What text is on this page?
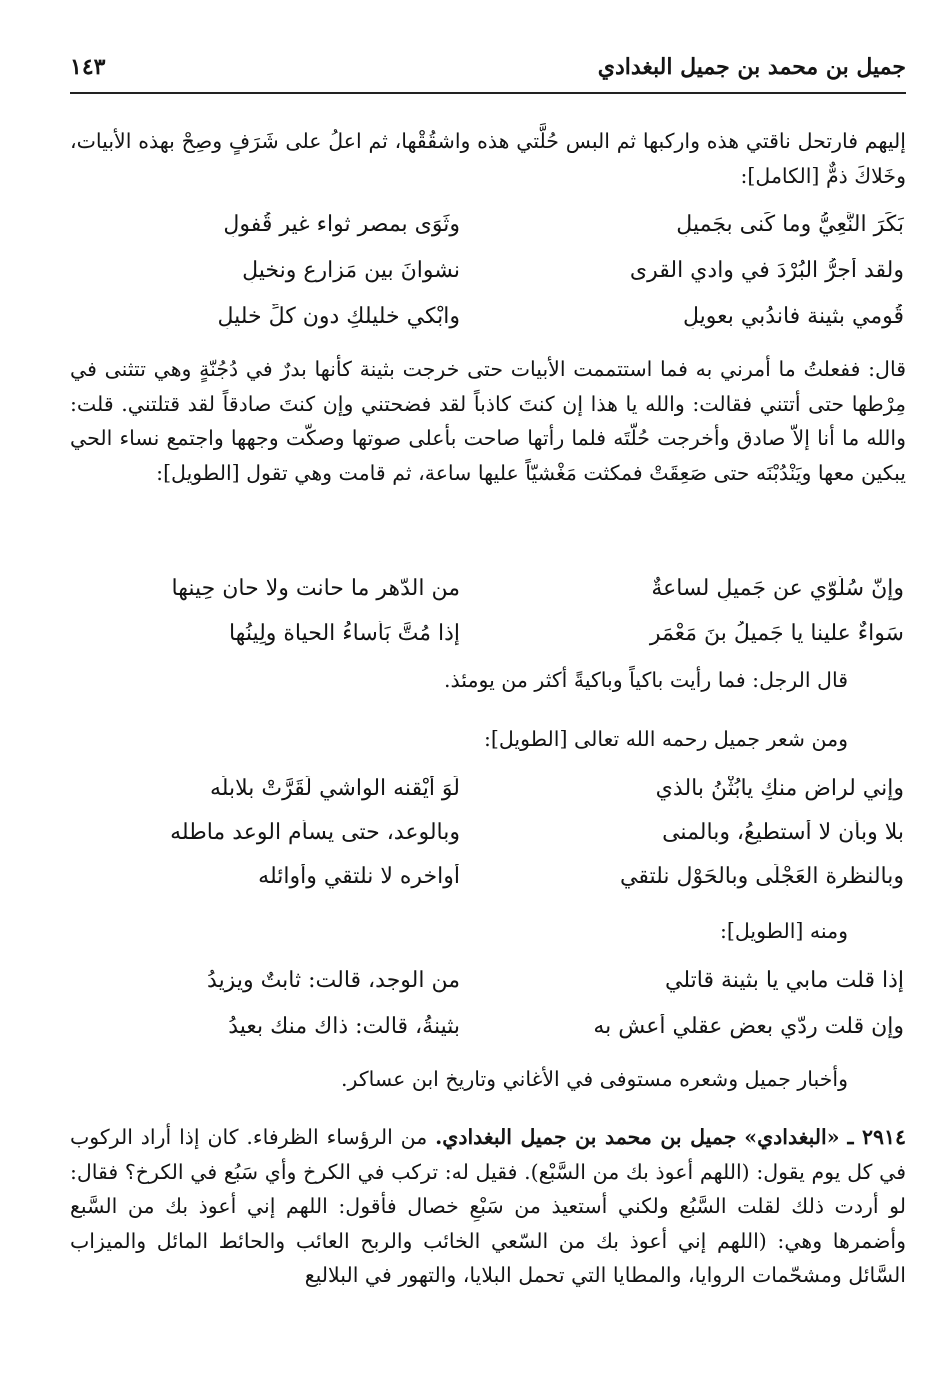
جميل بن محمد بن جميل البغدادي
١٤٣
إليهم فارتحل ناقتي هذه واركبها ثم البس حُلَّتي هذه واشقُقْها، ثم اعلُ على شَرَفٍ وصِحْ بهذه الأبيات، وخَلاكَ ذمٌّ [الكامل]:
بَكَرَ النَّعِيُّ وما كَنى بجَميلِ
وثَوَى بمصر ثواء غير قُفولِ
ولقد أجرُّ البُرْدَ في وادي القرى
نشوانَ بين مَزارعٍ ونخيلِ
قُومي بثينة فاندُبي بعويلِ
وابْكي خليلكِ دون كلِّ خليلِ
قال: ففعلتُ ما أمرني به فما استتممت الأبيات حتى خرجت بثينة كأنها بدرٌ في دُجُنّةٍ وهي تتثنى في مِرْطها حتى أتتني فقالت: والله يا هذا إن كنتَ كاذباً لقد فضحتني وإن كنتَ صادقاً لقد قتلتني. قلت: والله ما أنا إلاّ صادق وأخرجت حُلّتَه فلما رأتها صاحت بأعلى صوتها وصكّت وجهها واجتمع نساء الحي يبكين معها ويَنْدُبْنَه حتى صَعِقَتْ فمكثت مَغْشيّاً عليها ساعة، ثم قامت وهي تقول [الطويل]:
وإنّ سُلُوّي عن جَميلٍ لساعةٌ
من الدّهر ما حانت ولا حان حِينها
سَواءٌ علينا يا جَميلُ بنَ مَعْمَرٍ
إذا مُتَّ بَأْساءُ الحياة ولِينُها
قال الرجل: فما رأيت باكياً وباكيةً أكثر من يومئذ.
ومن شعر جميل رحمه الله تعالى [الطويل]:
وإني لراضٍ منكِ يابُثْنُ بالذي
لَوَ أيْقنه الواشي لَقَرَّتْ بلابلُه
بلا وبأن لا أستطيعُ، وبالمنى
وبالوعد، حتى يسأم الوعد ماطله
وبالنظرة العَجْلَى وبالحَوْل نلتقي
أواخره لا نلتقي وأوائله
ومنه [الطويل]:
إذا قلت مابي يا بثينة قاتلي
من الوجد، قالت: ثابتٌ ويزيدُ
وإن قلت ردّي بعض عقلي أعش به
بثينةُ، قالت: ذاك منك بعيدُ
وأخبار جميل وشعره مستوفى في الأغاني وتاريخ ابن عساكر.
٢٩١٤ ـ «البغدادي» جميل بن محمد بن جميل البغدادي. من الرؤساء الظرفاء. كان إذا أراد الركوب في كل يوم يقول: (اللهم أعوذ بك من السَّبْع). فقيل له: تركب في الكرخ وأي سَبُع في الكرخ؟ فقال: لو أردت ذلك لقلت السَّبُع ولكني أستعيذ من سَبْعِ خصال فأقول: اللهم إني أعوذ بك من السَّبع وأضمرها وهي: (اللهم إني أعوذ بك من السّعي الخائب والربح العائب والحائط المائل والميزاب السَّائل ومشحّمات الروايا، والمطايا التي تحمل البلايا، والتهور في البلاليع
